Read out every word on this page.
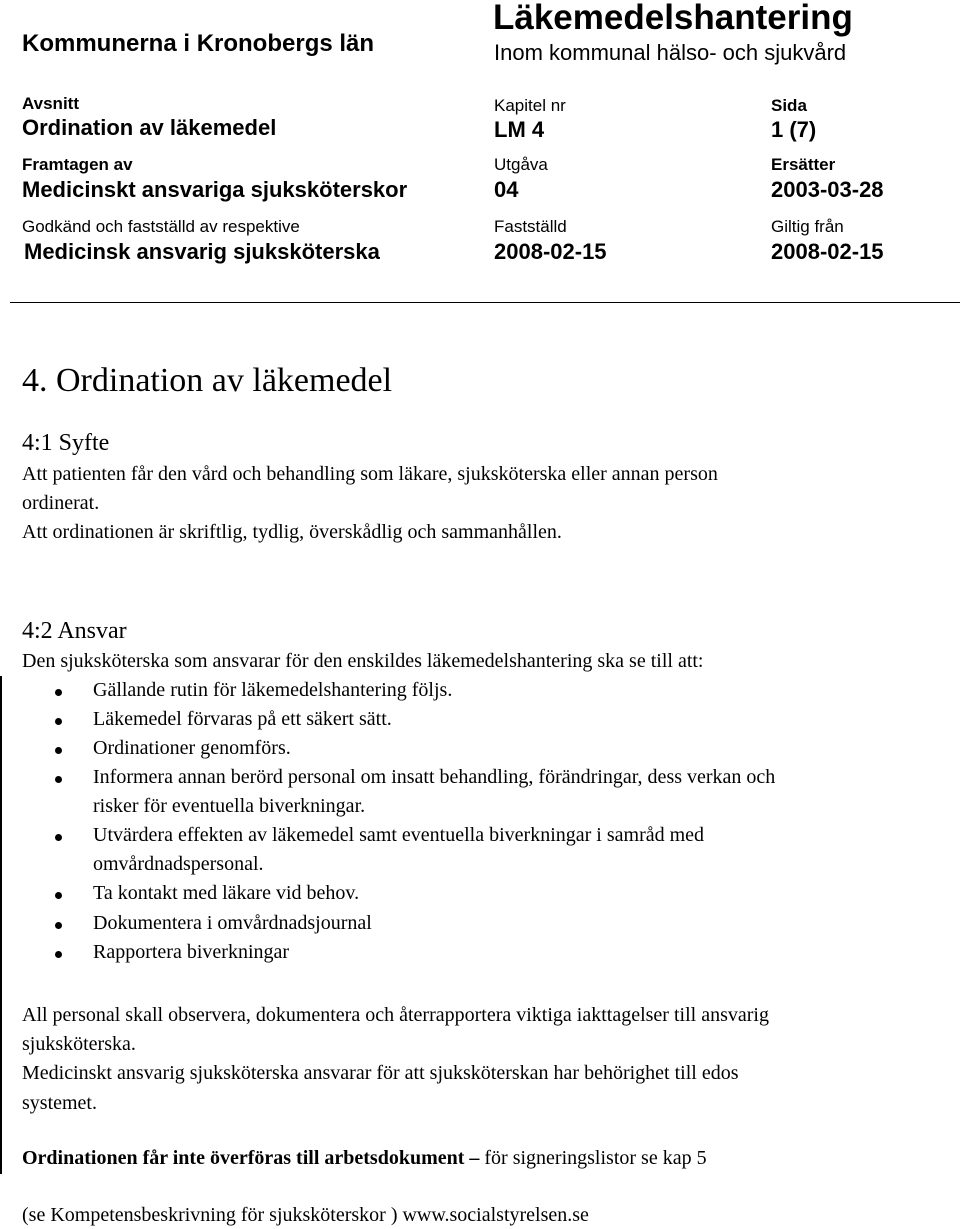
Kommunerna i Kronobergs län
Läkemedelshantering
Inom kommunal hälso- och sjukvård
Avsnitt
Ordination av läkemedel
Kapitel nr
LM 4
Sida
1 (7)
Framtagen av
Medicinskt ansvariga sjuksköterskor
Utgåva
04
Ersätter
2003-03-28
Godkänd och fastställd av respektive
Medicinsk ansvarig sjuksköterska
Fastställd
2008-02-15
Giltig från
2008-02-15
4. Ordination av läkemedel
4:1 Syfte
Att patienten får den vård och behandling som läkare, sjuksköterska eller annan person
ordinerat.
Att ordinationen är skriftlig, tydlig, överskådlig och sammanhållen.
4:2 Ansvar
Den sjuksköterska som ansvarar för den enskildes läkemedelshantering ska se till att:
Gällande rutin för läkemedelshantering följs.
Läkemedel förvaras på ett säkert sätt.
Ordinationer genomförs.
Informera annan berörd personal om insatt behandling, förändringar, dess verkan och
risker för eventuella biverkningar.
Utvärdera effekten av läkemedel samt eventuella biverkningar i samråd med
omvårdnadspersonal.
Ta kontakt med läkare vid behov.
Dokumentera i omvårdnadsjournal
Rapportera biverkningar
All personal skall observera, dokumentera och återrapportera viktiga iakttagelser till ansvarig
sjuksköterska.
Medicinskt ansvarig sjuksköterska ansvarar för att sjuksköterskan har behörighet till edos
systemet.
Ordinationen får inte överföras till arbetsdokument – för signeringslistor se kap 5
(se Kompetensbeskrivning för sjuksköterskor ) www.socialstyrelsen.se
